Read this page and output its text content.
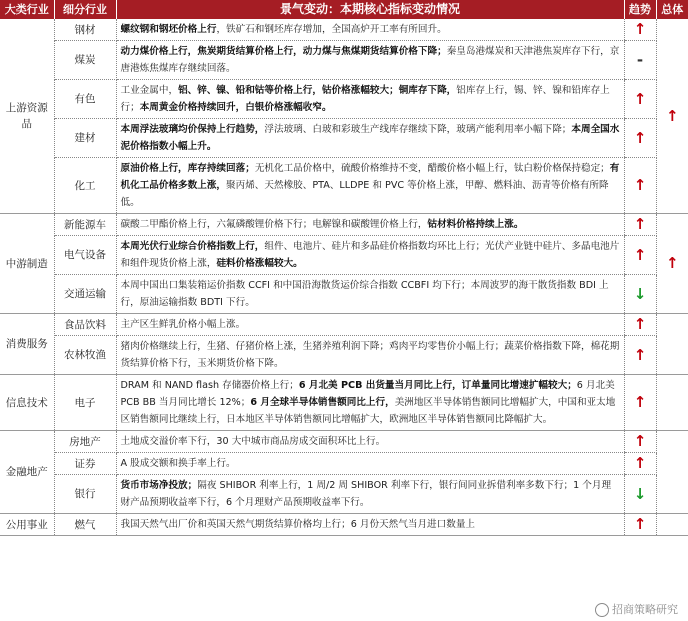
大类行业	细分行业	景气变动：本期核心指标变动情况	趋势	总体
上游资源品	钢材	螺纹钢和钢坯价格上行，铁矿石和钢坯库存增加，全国高炉开工率有所回升。	↑	↑
	煤炭	动力煤价格上行，焦炭期货结算价格上行，动力煤与焦煤期货结算价格下降；秦皇岛港煤炭和天津港焦炭库存下行，京唐港炼焦煤库存继续回落。	-	
	有色	工业金属中，铝、锌、镍、铅和钴等价格上行，钴价格涨幅较大；铜库存下降，铝库存上行，锡、锌、镍和铅库存上行；本周黄金价格持续回升，白银价格涨幅收窄。	↑	
	建材	本周浮法玻璃均价保持上行趋势，浮法玻璃、白玻和彩玻生产线库存继续下降，玻璃产能利用率小幅下降；本周全国水泥价格指数小幅上升。	↑	
	化工	原油价格上行，库存持续回落；无机化工品价格中，硫酸价格维持不变，醋酸价格小幅上行，钛白粉价格保持稳定；有机化工品价格多数上涨，聚丙烯、天然橡胶、PTA、LLDPE 和 PVC 等价格上涨，甲醇、燃料油、沥青等价格有所降低。	↑	
中游制造	新能源车	碳酸二甲酯价格上行，六氟磷酸锂价格下行；电解镍和碳酸锂价格上行，钴材料价格持续上涨。	↑	↑
	电气设备	本周光伏行业综合价格指数上行，组件、电池片、硅片和多晶硅价格指数均环比上行；光伏产业链中硅片、多晶电池片和组件现货价格上涨，硅料价格涨幅较大。	↑	
	交通运输	本周中国出口集装箱运价指数 CCFI 和中国沿海散货运价综合指数 CCBFI 均下行；本周波罗的海干散货指数 BDI 上行，原油运输指数 BDTI 下行。	↓	
消费服务	食品饮料	主产区生鲜乳价格小幅上涨。	↑	
	农林牧渔	猪肉价格继续上行，生猪、仔猪价格上涨，生猪养殖利润下降；鸡肉平均零售价小幅上行；蔬菜价格指数下降，棉花期货结算价格下行，玉米期货价格下降。	↑	
信息技术	电子	DRAM 和 NAND flash 存储器价格上行；6 月北美 PCB 出货量当月同比上行，订单量同比增速扩幅较大；6 月北美 PCB BB 当月同比增长 12%；6 月全球半导体销售额同比上行，美洲地区半导体销售额同比增幅扩大，中国和亚太地区销售额同比继续上行，日本地区半导体销售额同比增幅扩大，欧洲地区半导体销售额同比降幅扩大。	↑	
金融地产	房地产	土地成交溢价率下行，30 大中城市商品房成交面积环比上行。	↑	
	证券	A 股成交额和换手率上行。	↑	
	银行	货币市场净投放；隔夜 SHIBOR 利率上行，1 周/2 周 SHIBOR 利率下行，银行间同业拆借利率多数下行；1 个月理财产品预期收益率下行，6 个月理财产品预期收益率下行。	↓	
公用事业	燃气	我国天然气出厂价和英国天然气期货结算价格均上行；6 月份天然气当月进口数量上	↑	
招商策略研究
